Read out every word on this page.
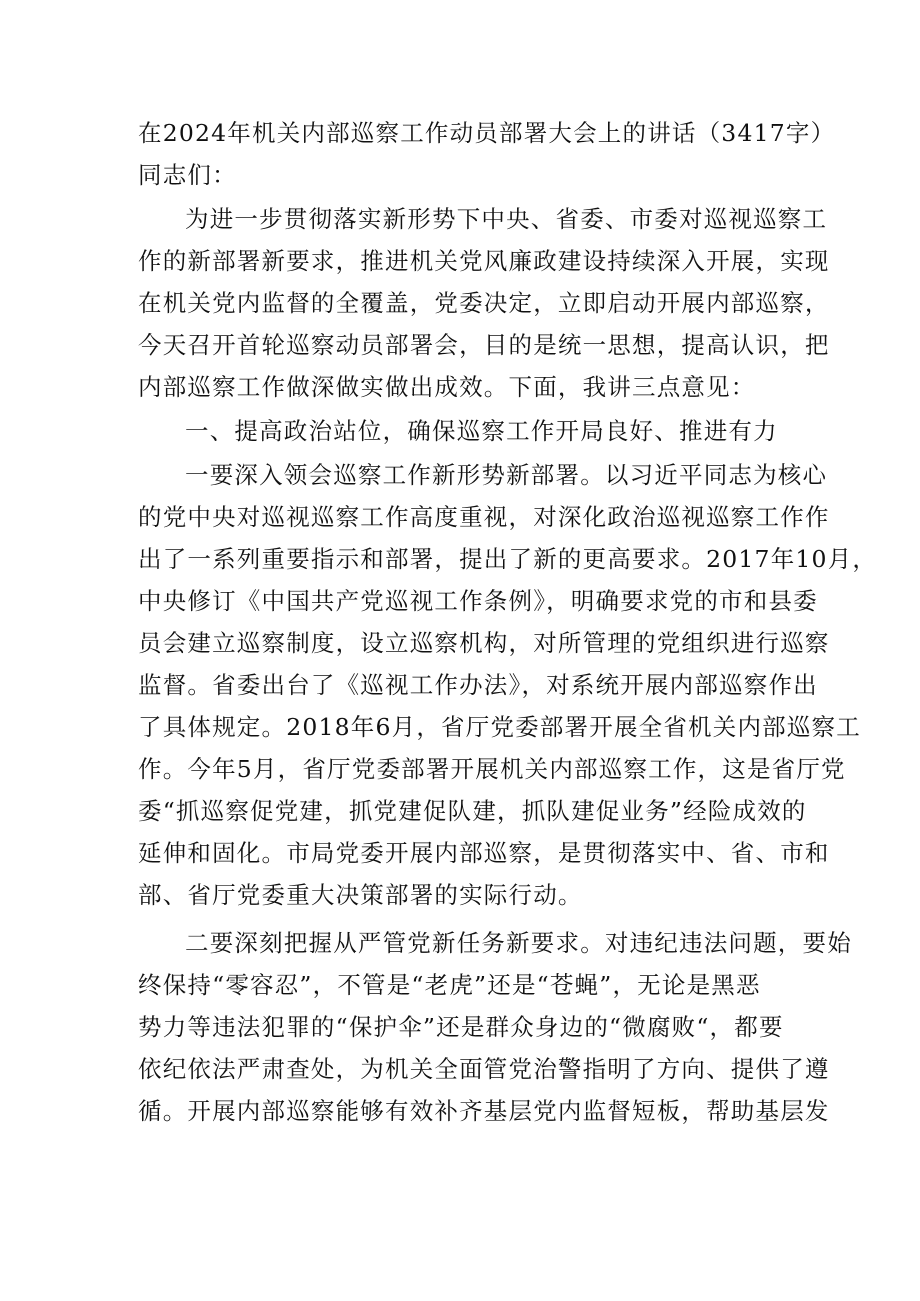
在2024年机关内部巡察工作动员部署大会上的讲话（3417字）
同志们：
为进一步贯彻落实新形势下中央、省委、市委对巡视巡察工
作的新部署新要求，推进机关党风廉政建设持续深入开展，实现
在机关党内监督的全覆盖，党委决定，立即启动开展内部巡察，
今天召开首轮巡察动员部署会，目的是统一思想，提高认识，把
内部巡察工作做深做实做出成效。下面，我讲三点意见：
一、提高政治站位，确保巡察工作开局良好、推进有力
一要深入领会巡察工作新形势新部署。以习近平同志为核心
的党中央对巡视巡察工作高度重视，对深化政治巡视巡察工作作
出了一系列重要指示和部署，提出了新的更高要求。2017年10月，
中央修订《中国共产党巡视工作条例》，明确要求党的市和县委
员会建立巡察制度，设立巡察机构，对所管理的党组织进行巡察
监督。省委出台了《巡视工作办法》，对系统开展内部巡察作出
了具体规定。2018年6月，省厅党委部署开展全省机关内部巡察工
作。今年5月，省厅党委部署开展机关内部巡察工作，这是省厅党
委“抓巡察促党建，抓党建促队建，抓队建促业务”经险成效的
延伸和固化。市局党委开展内部巡察，是贯彻落实中、省、市和
部、省厅党委重大决策部署的实际行动。
二要深刻把握从严管党新任务新要求。对违纪违法问题，要始
终保持“零容忍”，不管是“老虎”还是“苍蝇”，无论是黑恶
势力等违法犯罪的“保护伞”还是群众身边的“微腐败“，都要
依纪依法严肃查处，为机关全面管党治警指明了方向、提供了遵
循。开展内部巡察能够有效补齐基层党内监督短板，帮助基层发
